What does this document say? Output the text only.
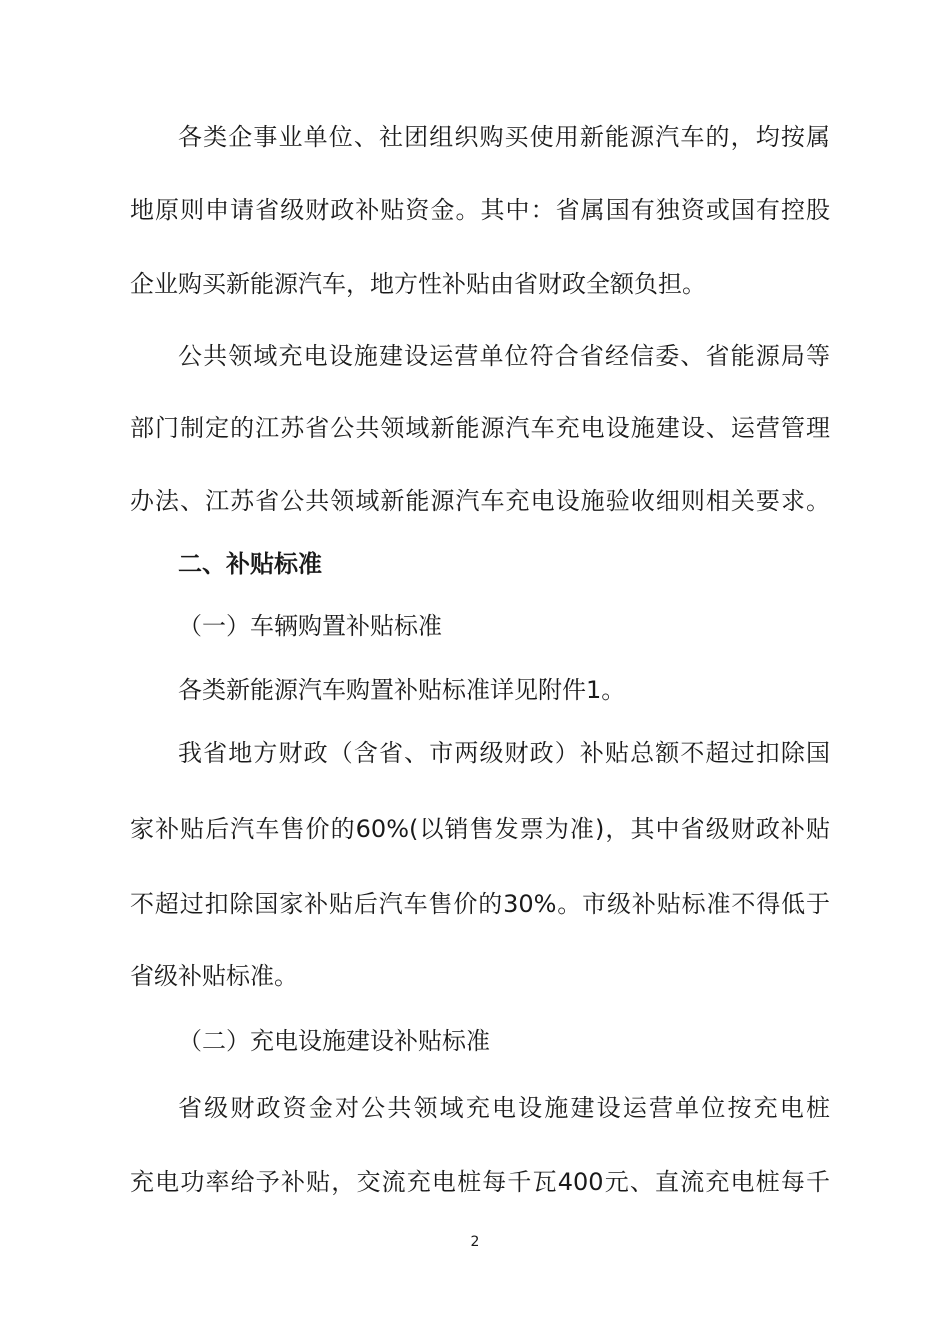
各类企事业单位、社团组织购买使用新能源汽车的，均按属
地原则申请省级财政补贴资金。其中：省属国有独资或国有控股
企业购买新能源汽车，地方性补贴由省财政全额负担。
公共领域充电设施建设运营单位符合省经信委、省能源局等
部门制定的江苏省公共领域新能源汽车充电设施建设、运营管理
办法、江苏省公共领域新能源汽车充电设施验收细则相关要求。
二、补贴标准
（一）车辆购置补贴标准
各类新能源汽车购置补贴标准详见附件1。
我省地方财政（含省、市两级财政）补贴总额不超过扣除国
家补贴后汽车售价的60%(以销售发票为准)，其中省级财政补贴
不超过扣除国家补贴后汽车售价的30%。市级补贴标准不得低于
省级补贴标准。
（二）充电设施建设补贴标准
省级财政资金对公共领域充电设施建设运营单位按充电桩
充电功率给予补贴，交流充电桩每千瓦400元、直流充电桩每千
2
